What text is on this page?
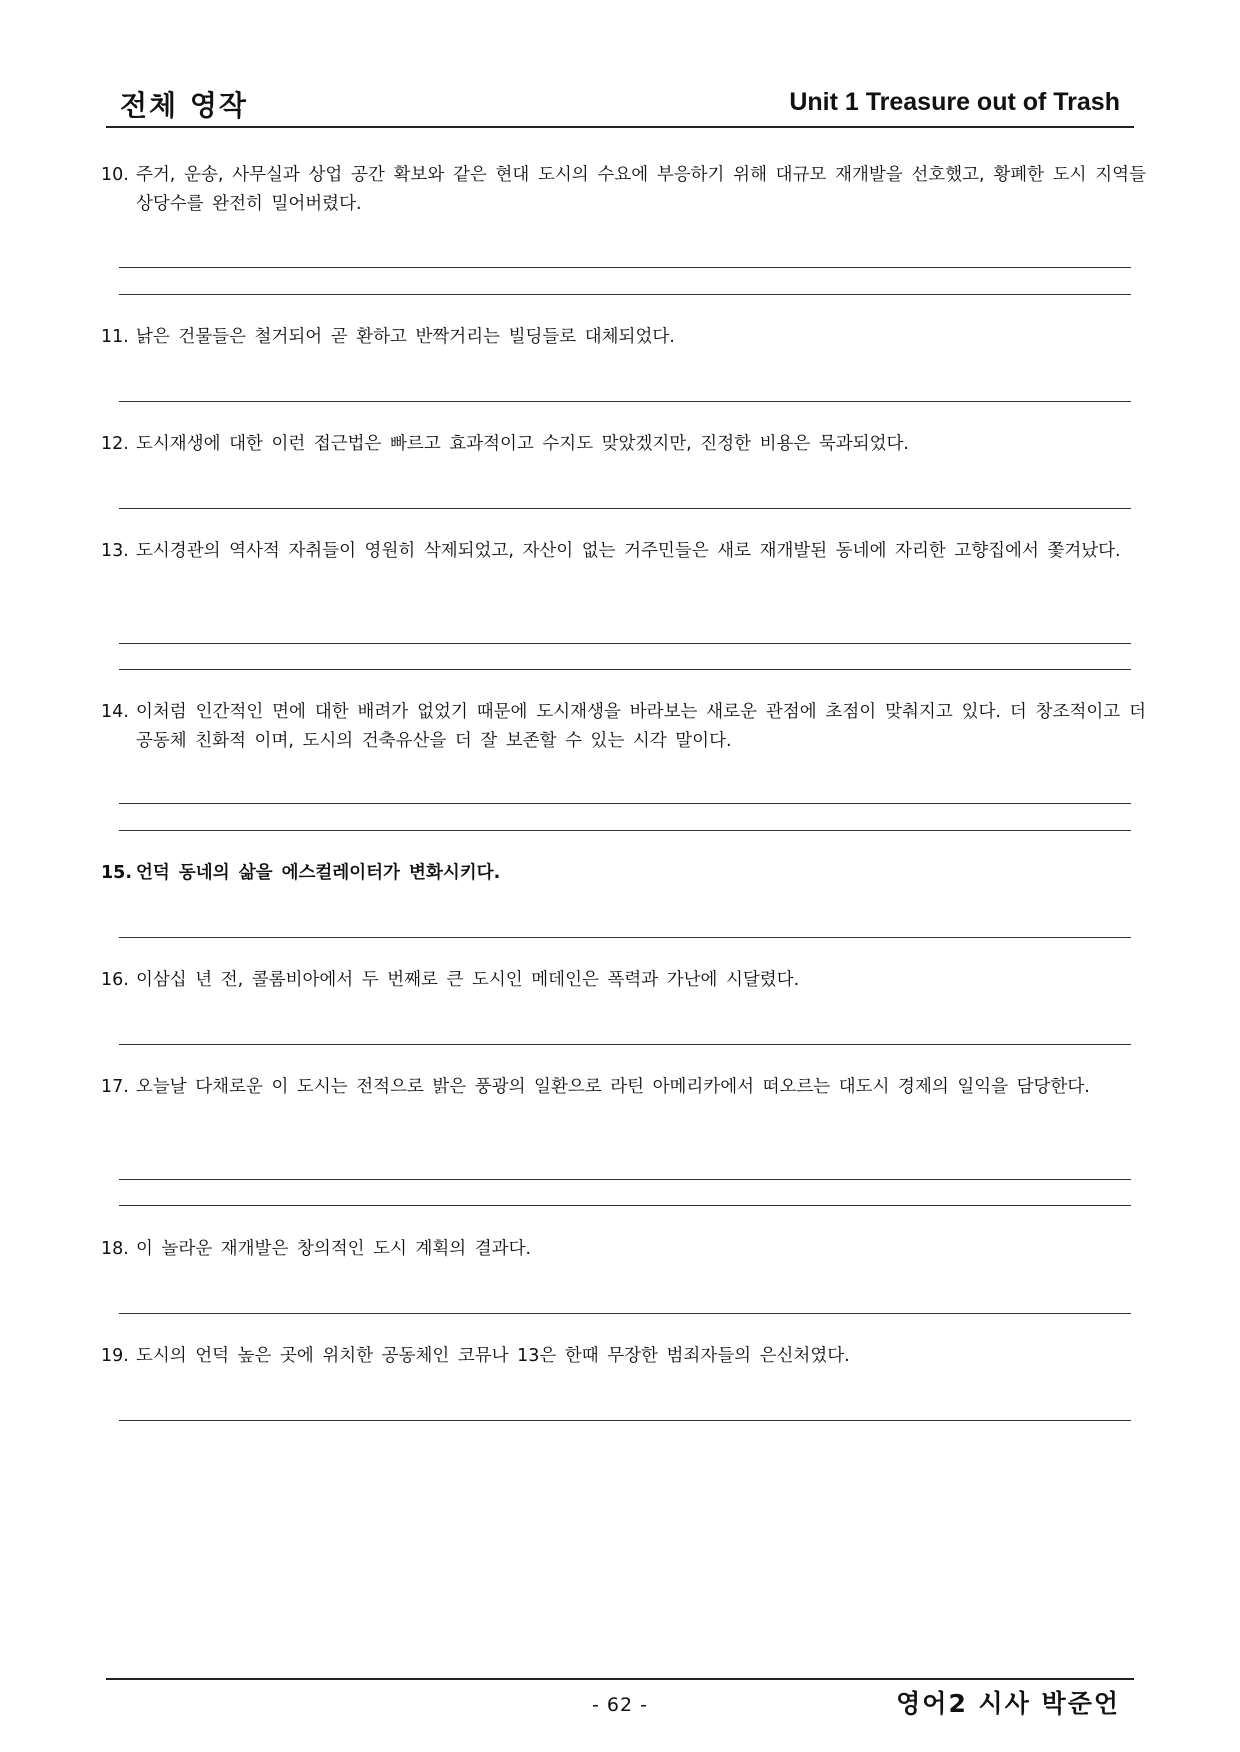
전체 영작	Unit 1 Treasure out of Trash
10. 주거, 운송, 사무실과 상업 공간 확보와 같은 현대 도시의 수요에 부응하기 위해 대규모 재개발을 선호했고, 황폐한 도시 지역들 상당수를 완전히 밀어버렸다.
11. 낡은 건물들은 철거되어 곧 환하고 반짝거리는 빌딩들로 대체되었다.
12. 도시재생에 대한 이런 접근법은 빠르고 효과적이고 수지도 맞았겠지만, 진정한 비용은 묵과되었다.
13. 도시경관의 역사적 자취들이 영원히 삭제되었고, 자산이 없는 거주민들은 새로 재개발된 동네에 자리한 고향집에서 쫓겨났다.
14. 이처럼 인간적인 면에 대한 배려가 없었기 때문에 도시재생을 바라보는 새로운 관점에 초점이 맞춰지고 있다. 더 창조적이고 더 공동체 친화적 이며, 도시의 건축유산을 더 잘 보존할 수 있는 시각 말이다.
15. 언덕 동네의 삶을 에스컬레이터가 변화시키다.
16. 이삼십 년 전, 콜롬비아에서 두 번째로 큰 도시인 메데인은 폭력과 가난에 시달렸다.
17. 오늘날 다채로운 이 도시는 전적으로 밝은 풍광의 일환으로 라틴 아메리카에서 떠오르는 대도시 경제의 일익을 담당한다.
18. 이 놀라운 재개발은 창의적인 도시 계획의 결과다.
19. 도시의 언덕 높은 곳에 위치한 공동체인 코뮤나 13은 한때 무장한 범죄자들의 은신처였다.
- 62 -	영어2 시사 박준언
